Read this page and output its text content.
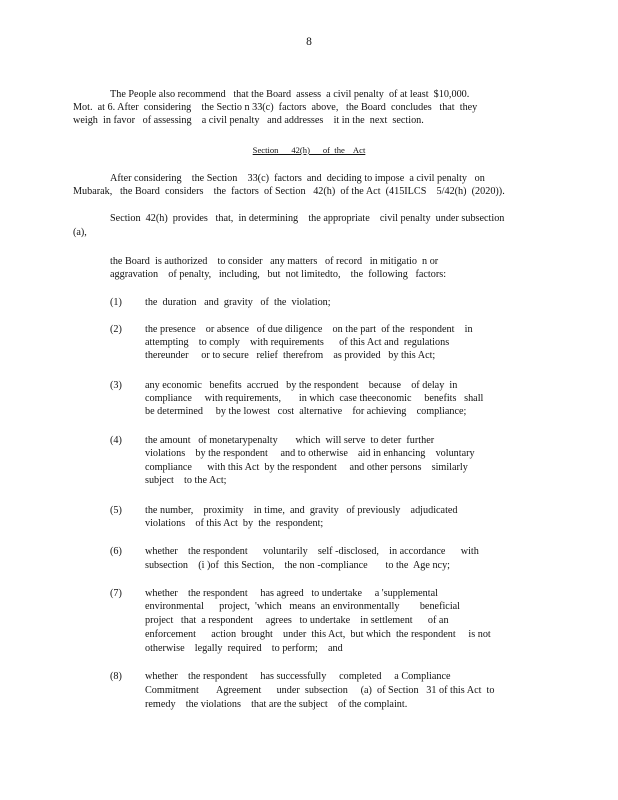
8
The People also recommend   that the Board  assess  a civil penalty  of at least  $10,000.
Mot.  at 6. After  considering    the Sectio n 33(c)  factors  above,   the Board  concludes   that  they
weigh  in favor   of assessing    a civil penalty   and addresses    it in the  next  section.
Section      42(h)      of  the    Act
After considering    the Section    33(c)  factors  and  deciding to impose  a civil penalty   on
Mubarak,   the Board  considers    the  factors  of Section   42(h)  of the Act  (415ILCS    5/42(h)  (2020)).
Section  42(h)  provides   that,  in determining    the appropriate    civil penalty  under subsection
(a),
the Board  is authorized    to consider   any matters   of record   in mitigatio  n or
aggravation    of penalty,   including,   but  not limitedto,    the  following   factors:
(1) the  duration   and  gravity   of  the  violation;
(2) the presence    or absence   of due diligence    on the part  of the  respondent    in
attempting    to comply    with requirements      of this Act and  regulations
thereunder     or to secure   relief  therefrom    as provided   by this Act;
(3) any economic   benefits  accrued   by the respondent    because    of delay  in
compliance     with requirements,       in which  case theeconomic     benefits   shall
be determined     by the lowest   cost  alternative    for achieving    compliance;
(4) the amount   of monetarypenalty       which  will serve  to deter  further
violations    by the respondent     and to otherwise    aid in enhancing    voluntary
compliance      with this Act  by the respondent     and other persons    similarly
subject    to the Act;
(5) the number,    proximity    in time,  and  gravity   of previously    adjudicated
violations    of this Act  by  the  respondent;
(6) whether    the respondent      voluntarily    self -disclosed,    in accordance      with
subsection    (i )of  this Section,    the non -compliance       to the  Age ncy;
(7) whether    the respondent     has agreed   to undertake     a 'supplemental
environmental      project,  'which   means  an environmentally        beneficial
project   that  a respondent     agrees   to undertake    in settlement      of an
enforcement      action  brought    under  this Act,  but which  the respondent     is not
otherwise    legally  required    to perform;    and
(8) whether    the respondent     has successfully     completed     a Compliance
Commitment       Agreement      under  subsection     (a)  of Section   31 of this Act  to
remedy    the violations    that are the subject    of the complaint.
